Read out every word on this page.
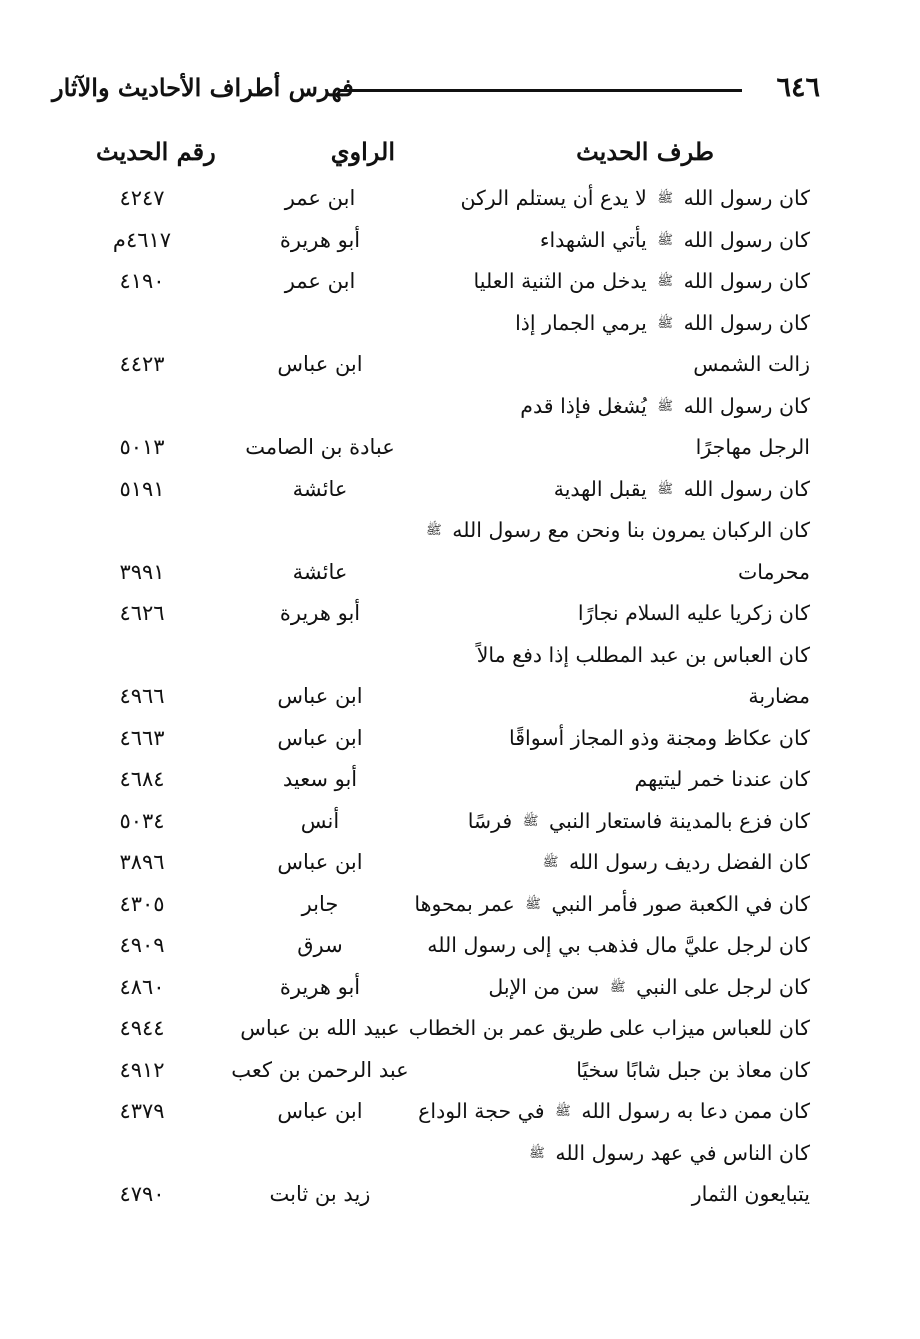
٦٤٦
فهرس أطراف الأحاديث والآثار
طرف الحديث
الراوي
رقم الحديث
كان رسول الله ﷺ لا يدع أن يستلم الركن
ابن عمر
٤٢٤٧
كان رسول الله ﷺ يأتي الشهداء
أبو هريرة
٤٦١٧م
كان رسول الله ﷺ يدخل من الثنية العليا
ابن عمر
٤١٩٠
كان رسول الله ﷺ يرمي الجمار إذا
زالت الشمس
ابن عباس
٤٤٢٣
كان رسول الله ﷺ يُشغل فإذا قدم
الرجل مهاجرًا
عبادة بن الصامت
٥٠١٣
كان رسول الله ﷺ يقبل الهدية
عائشة
٥١٩١
كان الركبان يمرون بنا ونحن مع رسول الله ﷺ
محرمات
عائشة
٣٩٩١
كان زكريا عليه السلام نجارًا
أبو هريرة
٤٦٢٦
كان العباس بن عبد المطلب إذا دفع مالاً
مضاربة
ابن عباس
٤٩٦٦
كان عكاظ ومجنة وذو المجاز أسواقًا
ابن عباس
٤٦٦٣
كان عندنا خمر ليتيهم
أبو سعيد
٤٦٨٤
كان فزع بالمدينة فاستعار النبي ﷺ فرسًا
أنس
٥٠٣٤
كان الفضل رديف رسول الله ﷺ
ابن عباس
٣٨٩٦
كان في الكعبة صور فأمر النبي ﷺ عمر بمحوها
جابر
٤٣٠٥
كان لرجل عليَّ مال فذهب بي إلى رسول الله
سرق
٤٩٠٩
كان لرجل على النبي ﷺ سن من الإبل
أبو هريرة
٤٨٦٠
كان للعباس ميزاب على طريق عمر بن الخطاب
عبيد الله بن عباس
٤٩٤٤
كان معاذ بن جبل شابًا سخيًا
عبد الرحمن بن كعب
٤٩١٢
كان ممن دعا به رسول الله ﷺ في حجة الوداع
ابن عباس
٤٣٧٩
كان الناس في عهد رسول الله ﷺ
يتبايعون الثمار
زيد بن ثابت
٤٧٩٠
